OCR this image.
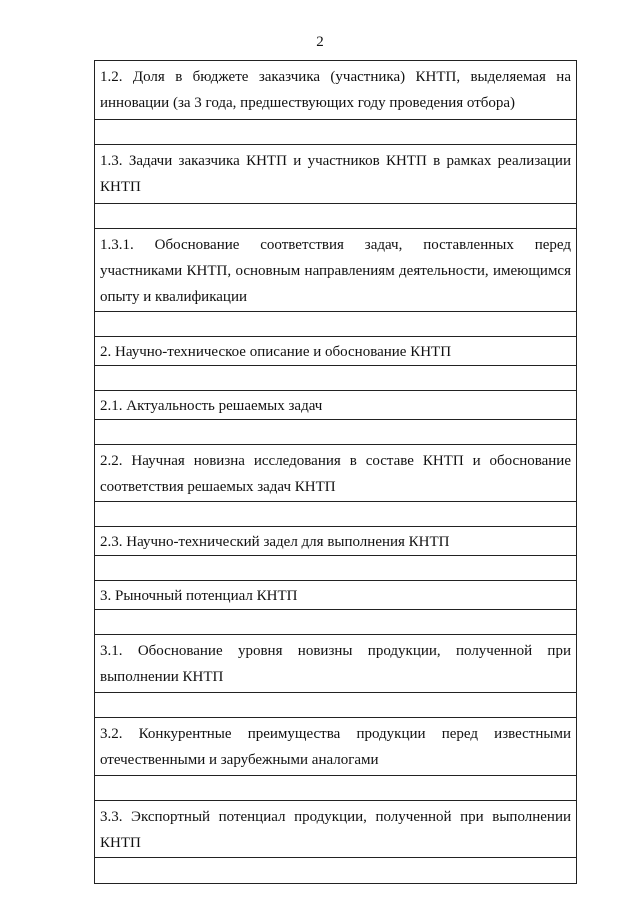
2
1.2. Доля в бюджете заказчика (участника) КНТП, выделяемая на инновации (за 3 года, предшествующих году проведения отбора)
1.3. Задачи заказчика КНТП и участников КНТП в рамках реализации КНТП
1.3.1. Обоснование соответствия задач, поставленных перед участниками КНТП, основным направлениям деятельности, имеющимся опыту и квалификации
2. Научно-техническое описание и обоснование КНТП
2.1. Актуальность решаемых задач
2.2. Научная новизна исследования в составе КНТП и обоснование соответствия решаемых задач КНТП
2.3. Научно-технический задел для выполнения КНТП
3. Рыночный потенциал КНТП
3.1. Обоснование уровня новизны продукции, полученной при выполнении КНТП
3.2. Конкурентные преимущества продукции перед известными отечественными и зарубежными аналогами
3.3. Экспортный потенциал продукции, полученной при выполнении КНТП
